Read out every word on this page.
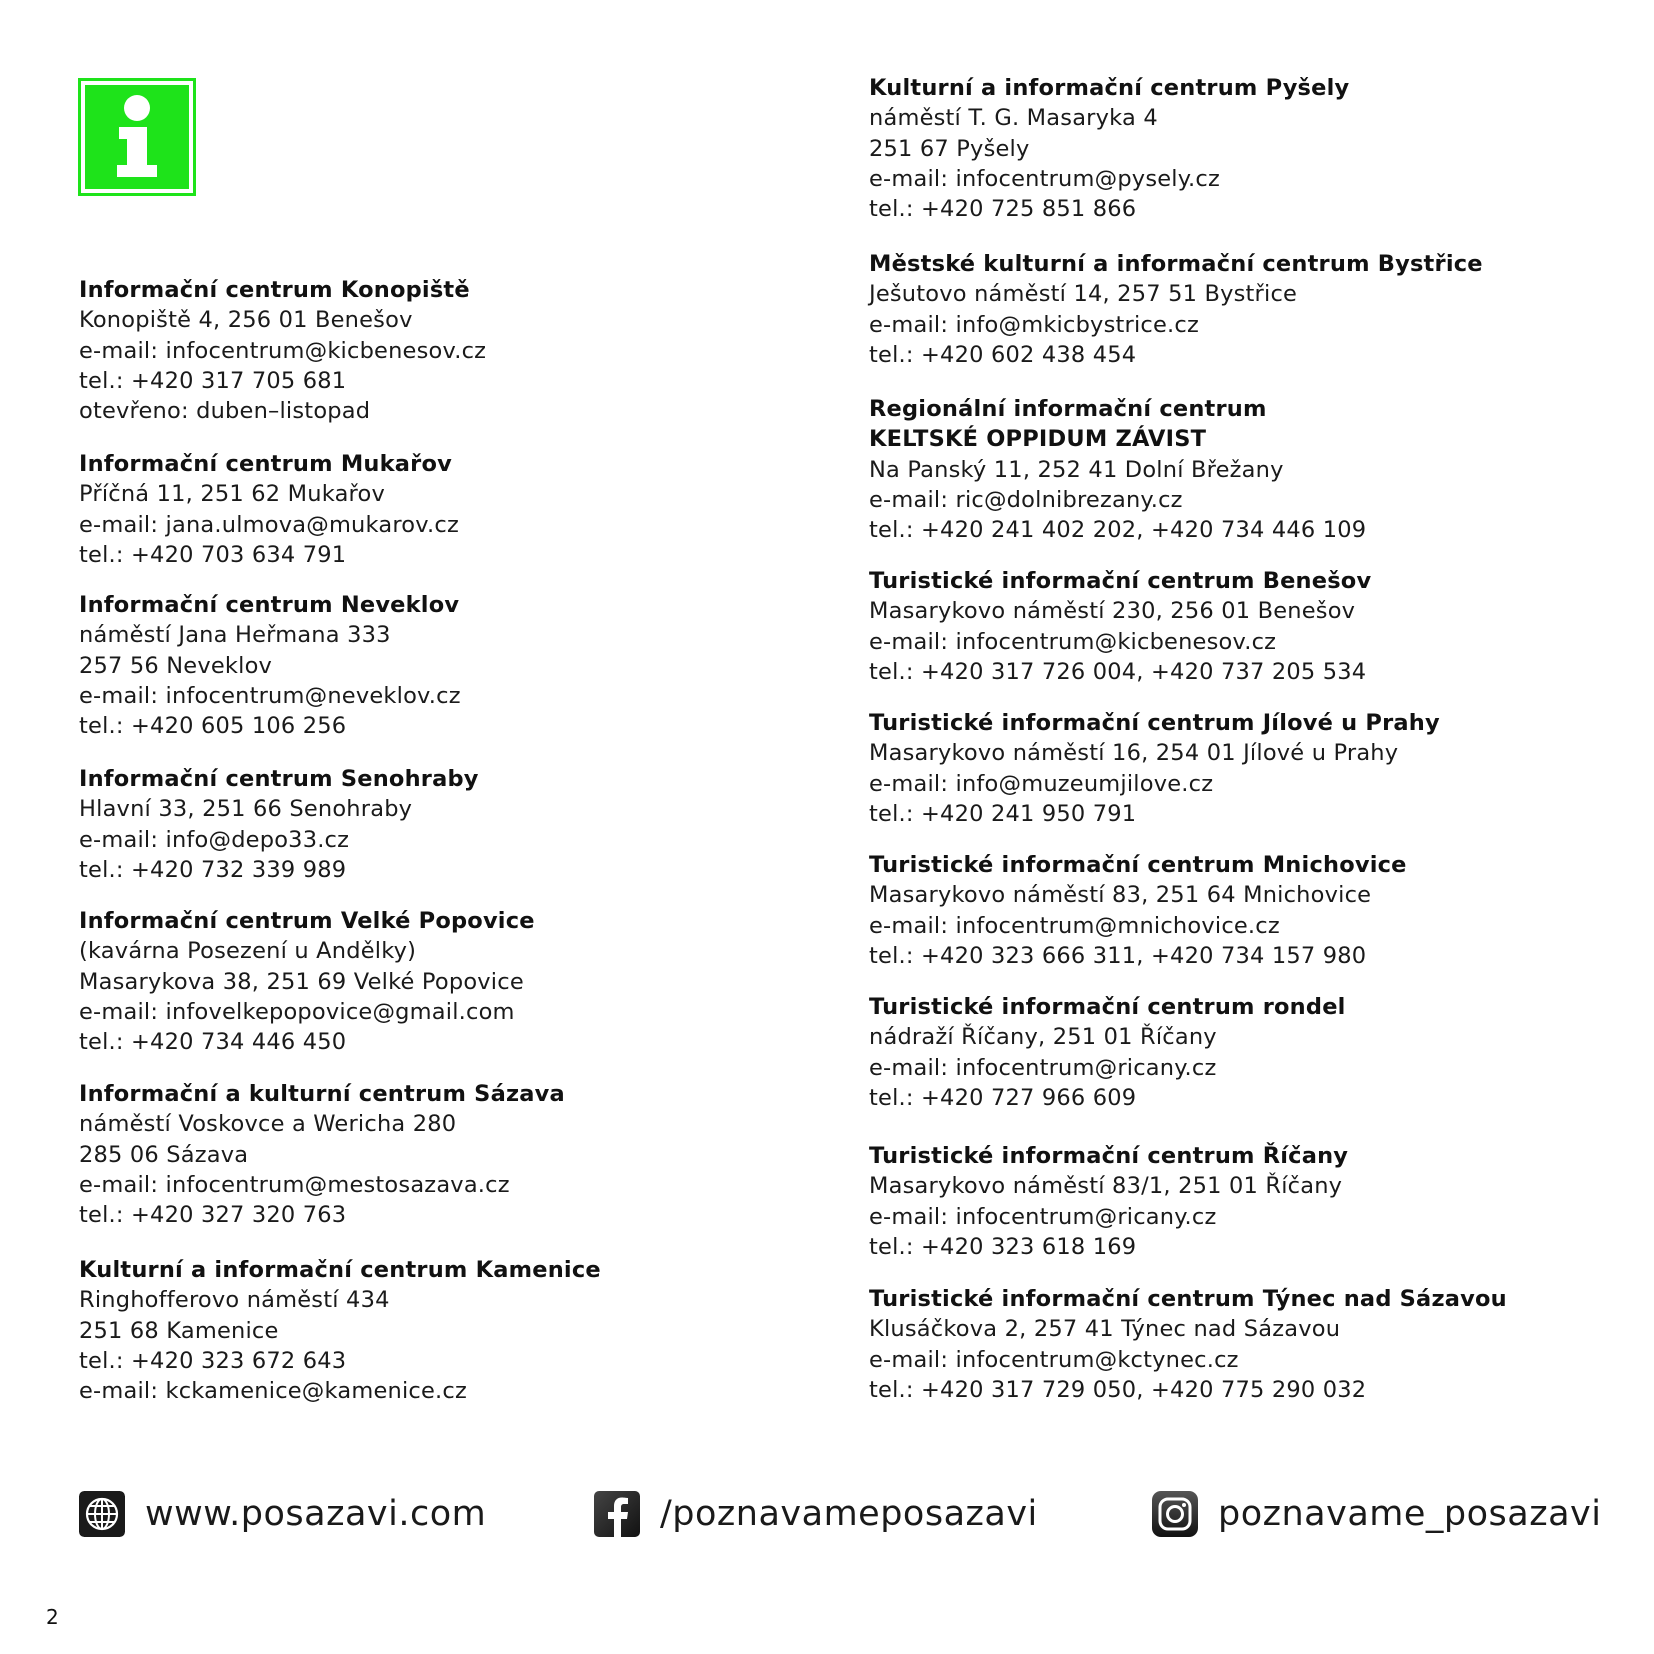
Informační centrum Konopiště
Konopiště 4, 256 01 Benešov
e-mail: infocentrum@kicbenesov.cz
tel.: +420 317 705 681
otevřeno: duben–listopad
Informační centrum Mukařov
Příčná 11, 251 62 Mukařov
e-mail: jana.ulmova@mukarov.cz
tel.: +420 703 634 791
Informační centrum Neveklov
náměstí Jana Heřmana 333
257 56 Neveklov
e-mail: infocentrum@neveklov.cz
tel.: +420 605 106 256
Informační centrum Senohraby
Hlavní 33, 251 66 Senohraby
e-mail: info@depo33.cz
tel.: +420 732 339 989
Informační centrum Velké Popovice
(kavárna Posezení u Andělky)
Masarykova 38, 251 69 Velké Popovice
e-mail: infovelkepopovice@gmail.com
tel.: +420 734 446 450
Informační a kulturní centrum Sázava
náměstí Voskovce a Wericha 280
285 06 Sázava
e-mail: infocentrum@mestosazava.cz
tel.: +420 327 320 763
Kulturní a informační centrum Kamenice
Ringhofferovo náměstí 434
251 68 Kamenice
tel.: +420 323 672 643
e-mail: kckamenice@kamenice.cz
Kulturní a informační centrum Pyšely
náměstí T. G. Masaryka 4
251 67 Pyšely
e-mail: infocentrum@pysely.cz
tel.: +420 725 851 866
Městské kulturní a informační centrum Bystřice
Ješutovo náměstí 14, 257 51 Bystřice
e-mail: info@mkicbystrice.cz
tel.: +420 602 438 454
Regionální informační centrum
KELTSKÉ OPPIDUM ZÁVIST
Na Panský 11, 252 41 Dolní Břežany
e-mail: ric@dolnibrezany.cz
tel.: +420 241 402 202, +420 734 446 109
Turistické informační centrum Benešov
Masarykovo náměstí 230, 256 01 Benešov
e-mail: infocentrum@kicbenesov.cz
tel.: +420 317 726 004, +420 737 205 534
Turistické informační centrum Jílové u Prahy
Masarykovo náměstí 16, 254 01 Jílové u Prahy
e-mail: info@muzeumjilove.cz
tel.: +420 241 950 791
Turistické informační centrum Mnichovice
Masarykovo náměstí 83, 251 64 Mnichovice
e-mail: infocentrum@mnichovice.cz
tel.: +420 323 666 311, +420 734 157 980
Turistické informační centrum rondel
nádraží Říčany, 251 01 Říčany
e-mail: infocentrum@ricany.cz
tel.: +420 727 966 609
Turistické informační centrum Říčany
Masarykovo náměstí 83/1, 251 01 Říčany
e-mail: infocentrum@ricany.cz
tel.: +420 323 618 169
Turistické informační centrum Týnec nad Sázavou
Klusáčkova 2, 257 41 Týnec nad Sázavou
e-mail: infocentrum@kctynec.cz
tel.: +420 317 729 050, +420 775 290 032
www.posazavi.com	/poznavameposazavi	poznavame_posazavi
2
